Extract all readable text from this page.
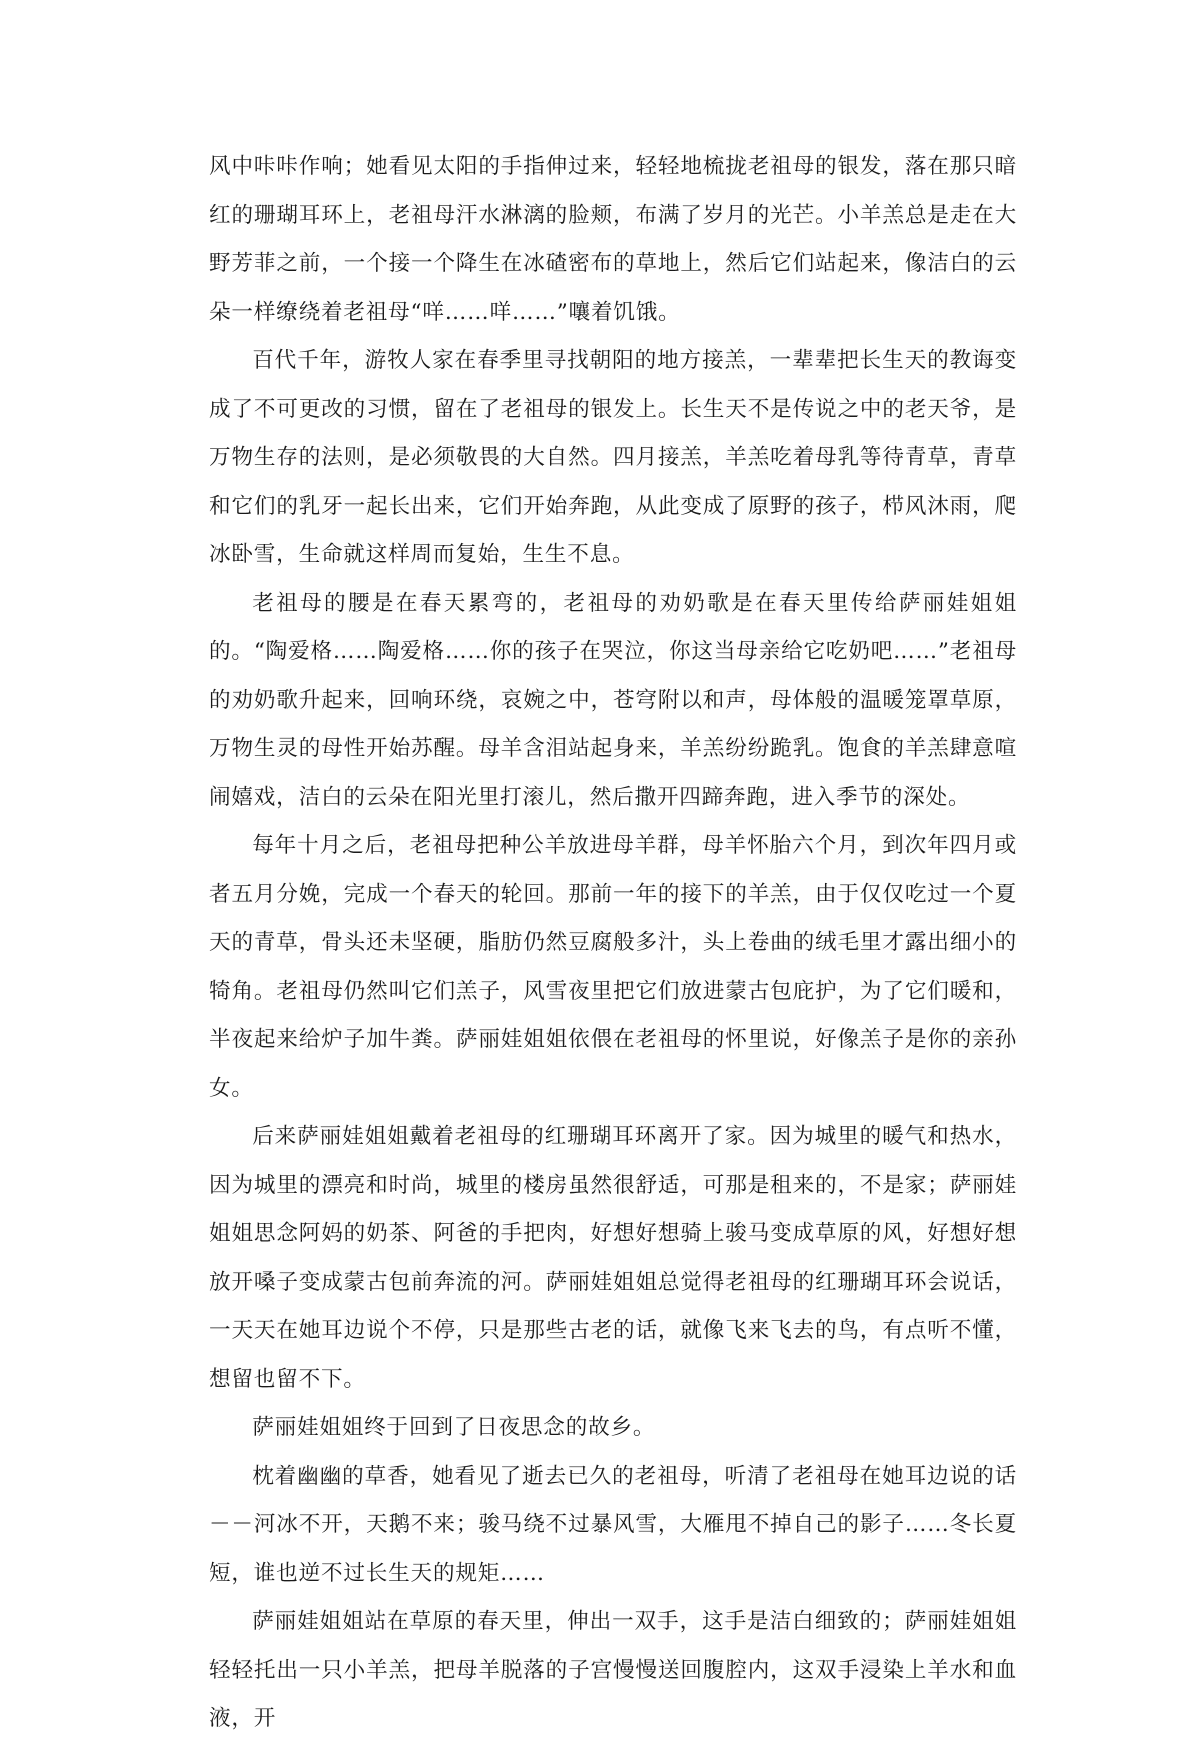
风中咔咔作响；她看见太阳的手指伸过来，轻轻地梳拢老祖母的银发，落在那只暗红的珊瑚耳环上，老祖母汗水淋漓的脸颊，布满了岁月的光芒。小羊羔总是走在大野芳菲之前，一个接一个降生在冰碴密布的草地上，然后它们站起来，像洁白的云朵一样缭绕着老祖母“咩……咩……”嚷着饥饿。

百代千年，游牧人家在春季里寻找朝阳的地方接羔，一辈辈把长生天的教诲变成了不可更改的习惯，留在了老祖母的银发上。长生天不是传说之中的老天爷，是万物生存的法则，是必须敬畏的大自然。四月接羔，羊羔吃着母乳等待青草，青草和它们的乳牙一起长出来，它们开始奔跑，从此变成了原野的孩子，栉风沐雨，爬冰卧雪，生命就这样周而复始，生生不息。

老祖母的腰是在春天累弯的，老祖母的劝奶歌是在春天里传给萨丽娃姐姐的。“陶爱格……陶爱格……你的孩子在哭泣，你这当母亲给它吃奶吧……”老祖母的劝奶歌升起来，回响环绕，哀婉之中，苍穹附以和声，母体般的温暖笼罩草原，万物生灵的母性开始苏醒。母羊含泪站起身来，羊羔纷纷跪乳。饱食的羊羔肆意喧闹嬉戏，洁白的云朵在阳光里打滚儿，然后撒开四蹄奔跑，进入季节的深处。

每年十月之后，老祖母把种公羊放进母羊群，母羊怀胎六个月，到次年四月或者五月分娩，完成一个春天的轮回。那前一年的接下的羊羔，由于仅仅吃过一个夏天的青草，骨头还未坚硬，脂肪仍然豆腐般多汁，头上卷曲的绒毛里才露出细小的犄角。老祖母仍然叫它们羔子，风雪夜里把它们放进蒙古包庇护，为了它们暖和，半夜起来给炉子加牛粪。萨丽娃姐姐依偎在老祖母的怀里说，好像羔子是你的亲孙女。

后来萨丽娃姐姐戴着老祖母的红珊瑚耳环离开了家。因为城里的暖气和热水，因为城里的漂亮和时尚，城里的楼房虽然很舒适，可那是租来的，不是家；萨丽娃姐姐思念阿妈的奶茶、阿爸的手把肉，好想好想骑上骏马变成草原的风，好想好想放开嗓子变成蒙古包前奔流的河。萨丽娃姐姐总觉得老祖母的红珊瑚耳环会说话，一天天在她耳边说个不停，只是那些古老的话，就像飞来飞去的鸟，有点听不懂，想留也留不下。

萨丽娃姐姐终于回到了日夜思念的故乡。

枕着幽幽的草香，她看见了逝去已久的老祖母，听清了老祖母在她耳边说的话－－河冰不开，天鹅不来；骏马绕不过暴风雪，大雁甩不掉自己的影子……冬长夏短，谁也逆不过长生天的规矩……

萨丽娃姐姐站在草原的春天里，伸出一双手，这手是洁白细致的；萨丽娃姐姐轻轻托出一只小羊羔，把母羊脱落的子宫慢慢送回腹腔内，这双手浸染上羊水和血液，开
